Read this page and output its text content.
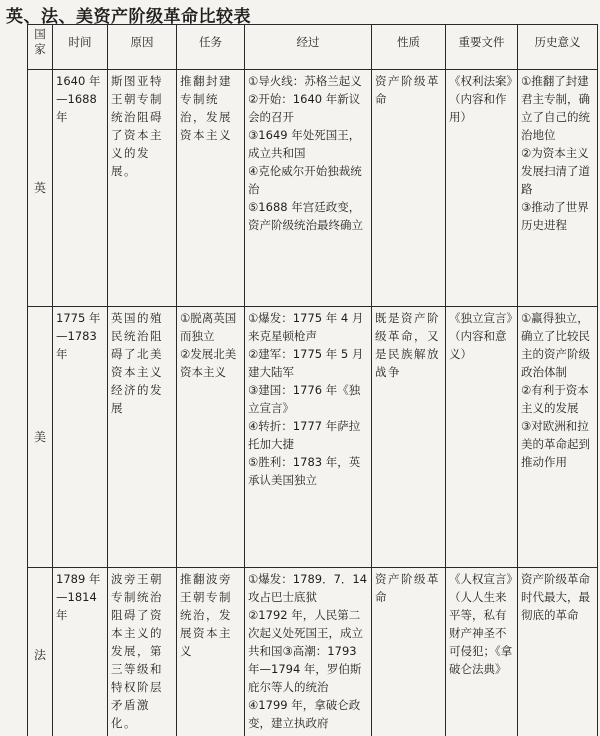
英、法、美资产阶级革命比较表
国
家	时间	原因	任务	经过	性质	重要文件	历史意义
英	1640 年
—1688
年	斯图亚特王朝专制统治阻碍了资本主义的发展。	推翻封建专制统治，发展资本主义	①导火线：苏格兰起义
②开始：1640 年新议会的召开
③1649 年处死国王，成立共和国
④克伦威尔开始独裁统治
⑤1688 年宫廷政变，资产阶级统治最终确立	资产阶级革命	《权利法案》（内容和作用）	①推翻了封建君主专制，确立了自己的统治地位
②为资本主义发展扫清了道路
③推动了世界历史进程
美	1775 年
—1783
年	英国的殖民统治阻碍了北美资本主义经济的发展	①脱离英国而独立
②发展北美资本主义	①爆发：1775 年 4 月来克星顿枪声
②建军：1775 年 5 月建大陆军
③建国：1776 年《独立宣言》
④转折：1777 年萨拉托加大捷
⑤胜利：1783 年，英承认美国独立	既是资产阶级革命，又是民族解放战争	《独立宣言》（内容和意义）	①赢得独立，确立了比较民主的资产阶级政治体制
②有利于资本主义的发展
③对欧洲和拉美的革命起到推动作用
法	1789 年
—1814
年	波旁王朝专制统治阻碍了资本主义的发展，第三等级和特权阶层矛盾激化。	推翻波旁王朝专制统治，发展资本主义	①爆发：1789．7．14 攻占巴士底狱
②1792 年，人民第二次起义处死国王，成立共和国③高潮：1793 年—1794 年，罗伯斯庇尔等人的统治
④1799 年，拿破仑政变，建立执政府	资产阶级革命	《人权宣言》（人人生来平等，私有财产神圣不可侵犯；《拿破仑法典》	资产阶级革命时代最大，最彻底的革命
